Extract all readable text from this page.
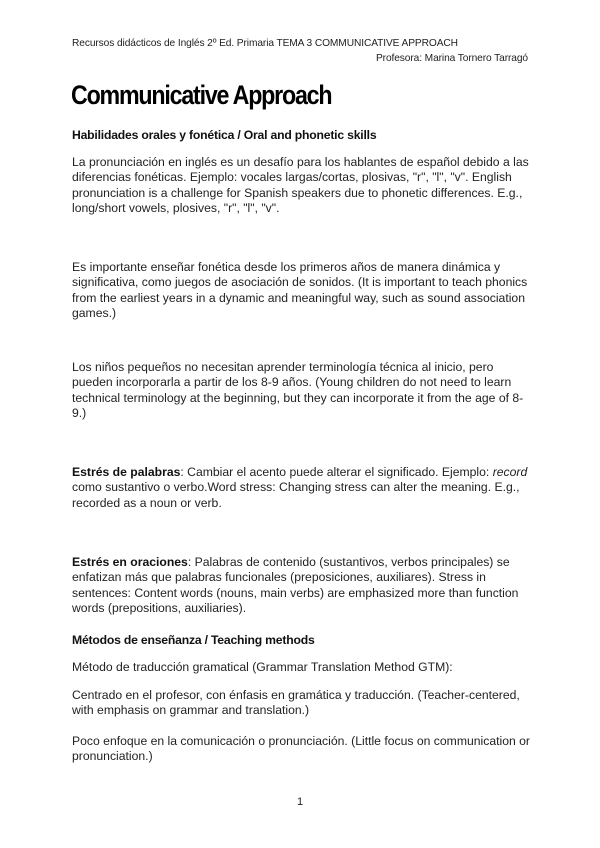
Recursos didácticos de Inglés 2º Ed. Primaria TEMA 3 COMMUNICATIVE APPROACH
Profesora: Marina Tornero Tarragó
Communicative Approach
Habilidades orales y fonética / Oral and phonetic skills
La pronunciación en inglés es un desafío para los hablantes de español debido a las diferencias fonéticas. Ejemplo: vocales largas/cortas, plosivas, "r", "l", "v". English pronunciation is a challenge for Spanish speakers due to phonetic differences. E.g., long/short vowels, plosives, "r", "l", "v".
Es importante enseñar fonética desde los primeros años de manera dinámica y significativa, como juegos de asociación de sonidos. (It is important to teach phonics from the earliest years in a dynamic and meaningful way, such as sound association games.)
Los niños pequeños no necesitan aprender terminología técnica al inicio, pero pueden incorporarla a partir de los 8-9 años. (Young children do not need to learn technical terminology at the beginning, but they can incorporate it from the age of 8-9.)
Estrés de palabras: Cambiar el acento puede alterar el significado. Ejemplo: record como sustantivo o verbo.Word stress: Changing stress can alter the meaning. E.g., recorded as a noun or verb.
Estrés en oraciones: Palabras de contenido (sustantivos, verbos principales) se enfatizan más que palabras funcionales (preposiciones, auxiliares). Stress in sentences: Content words (nouns, main verbs) are emphasized more than function words (prepositions, auxiliaries).
Métodos de enseñanza / Teaching methods
Método de traducción gramatical (Grammar Translation Method GTM):
Centrado en el profesor, con énfasis en gramática y traducción. (Teacher-centered, with emphasis on grammar and translation.)
Poco enfoque en la comunicación o pronunciación. (Little focus on communication or pronunciation.)
1
